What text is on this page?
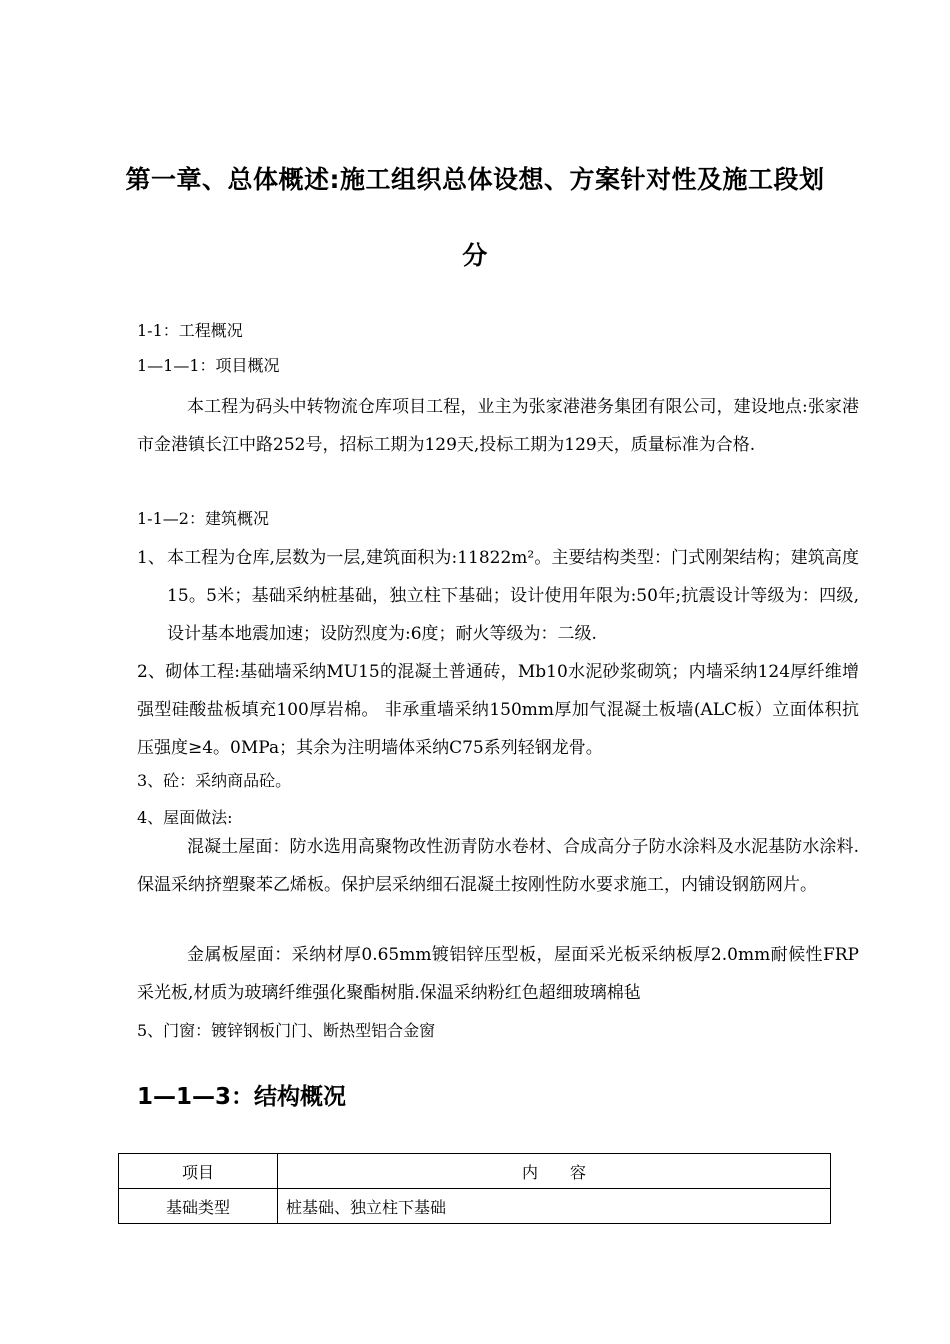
第一章、总体概述:施工组织总体设想、方案针对性及施工段划
分
1-1：工程概况
1—1—1：项目概况
本工程为码头中转物流仓库项目工程，业主为张家港港务集团有限公司，建设地点:张家港市金港镇长江中路252号，招标工期为129天,投标工期为129天，质量标准为合格.
1-1—2：建筑概况
1、 本工程为仓库,层数为一层,建筑面积为:11822m²。主要结构类型：门式刚架结构；建筑高度15。5米；基础采纳桩基础，独立柱下基础；设计使用年限为:50年;抗震设计等级为：四级,设计基本地震加速；设防烈度为:6度；耐火等级为：二级.
2、砌体工程:基础墙采纳MU15的混凝土普通砖，Mb10水泥砂浆砌筑；内墙采纳124厚纤维增强型硅酸盐板填充100厚岩棉。 非承重墙采纳150mm厚加气混凝土板墙(ALC板）立面体积抗压强度≥4。0MPa；其余为注明墙体采纳C75系列轻钢龙骨。
3、砼：采纳商品砼。
4、屋面做法:
混凝土屋面：防水选用高聚物改性沥青防水卷材、合成高分子防水涂料及水泥基防水涂料.保温采纳挤塑聚苯乙烯板。保护层采纳细石混凝土按刚性防水要求施工，内铺设钢筋网片。
金属板屋面：采纳材厚0.65mm镀铝锌压型板，屋面采光板采纳板厚2.0mm耐候性FRP采光板,材质为玻璃纤维强化聚酯树脂.保温采纳粉红色超细玻璃棉毡
5、门窗：镀锌钢板门门、断热型铝合金窗
1—1—3：结构概况
项目	内　　容
基础类型	桩基础、独立柱下基础
